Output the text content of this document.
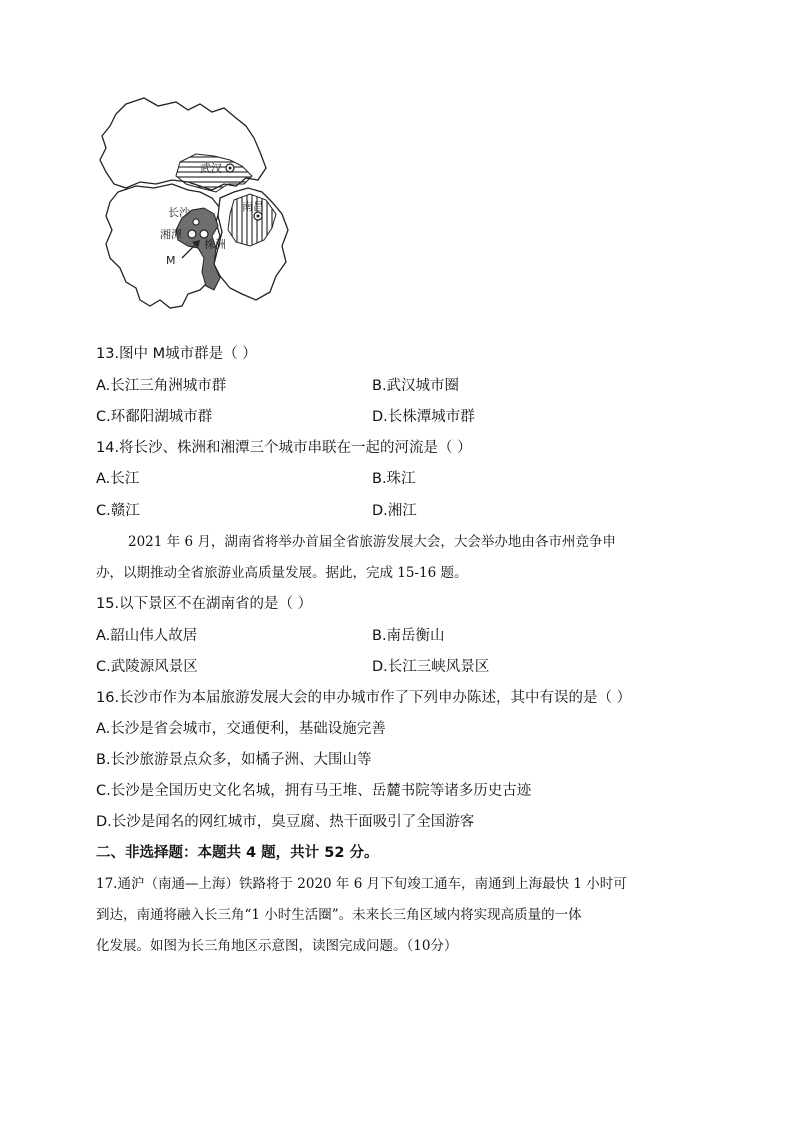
武汉
长沙
湘潭
株洲
南昌
M
13.图中 M城市群是（ ）
A.长江三角洲城市群	B.武汉城市圈
C.环鄱阳湖城市群	D.长株潭城市群
14.将长沙、株洲和湘潭三个城市串联在一起的河流是（ ）
A.长江	B.珠江
C.赣江	D.湘江
2021 年 6 月，湖南省将举办首届全省旅游发展大会，大会举办地由各市州竞争申
办，以期推动全省旅游业高质量发展。据此，完成 15-16 题。
15.以下景区不在湖南省的是（ ）
A.韶山伟人故居	B.南岳衡山
C.武陵源风景区	D.长江三峡风景区
16.长沙市作为本届旅游发展大会的申办城市作了下列申办陈述，其中有误的是（ ）
A.长沙是省会城市，交通便利，基础设施完善
B.长沙旅游景点众多，如橘子洲、大围山等
C.长沙是全国历史文化名城，拥有马王堆、岳麓书院等诸多历史古迹
D.长沙是闻名的网红城市，臭豆腐、热干面吸引了全国游客
二、非选择题：本题共 4 题，共计 52 分。
17.通沪（南通—上海）铁路将于 2020 年 6 月下旬竣工通车，南通到上海最快 1 小时可
到达，南通将融入长三角“1 小时生活圈”。未来长三角区域内将实现高质量的一体
化发展。如图为长三角地区示意图，读图完成问题。（10分）
